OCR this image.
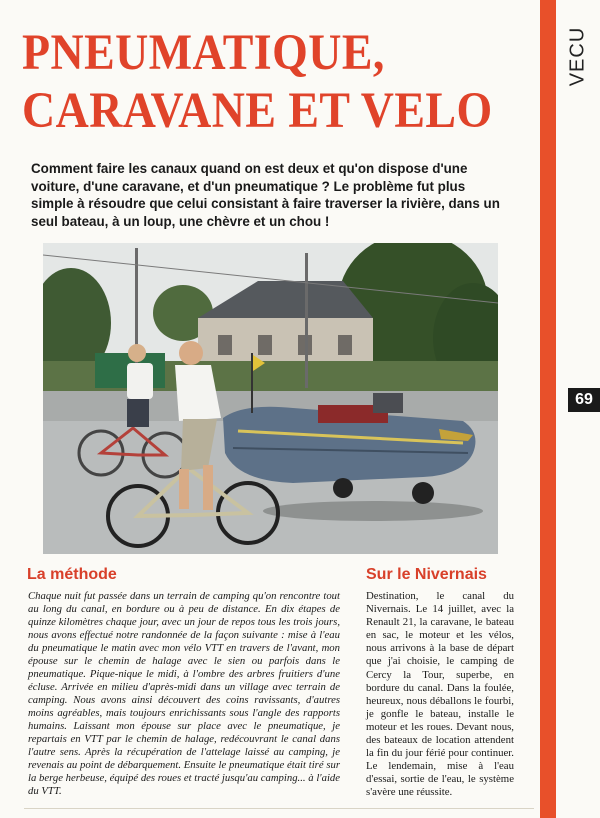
VECU
69
PNEUMATIQUE,
CARAVANE ET VELO

Comment faire les canaux quand on est deux et qu'on dispose d'une voiture, d'une caravane, et d'un pneumatique ? Le problème fut plus simple à résoudre que celui consistant à faire traverser la rivière, dans un seul bateau, à un loup, une chèvre et un chou !

La méthode	Sur le Nivernais

Chaque nuit fut passée dans un terrain de camping qu'on rencontre tout au long du canal, en bordure ou à peu de distance. En dix étapes de quinze kilomètres chaque jour, avec un jour de repos tous les trois jours, nous avons effectué notre randonnée de la façon suivante : mise à l'eau du pneumatique le matin avec mon vélo VTT en travers de l'avant, mon épouse sur le chemin de halage avec le sien ou parfois dans le pneumatique. Pique-nique le midi, à l'ombre des arbres fruitiers d'une écluse. Arrivée en milieu d'après-midi dans un village avec terrain de camping. Nous avons ainsi découvert des coins ravissants, d'autres moins agréables, mais toujours enrichissants sous l'angle des rapports humains. Laissant mon épouse sur place avec le pneumatique, je repartais en VTT par le chemin de halage, redécouvrant le canal dans l'autre sens. Après la récupération de l'attelage laissé au camping, je revenais au point de débarquement. Ensuite le pneumatique était tiré sur la berge herbeuse, équipé des roues et tracté jusqu'au camping... à l'aide du VTT.

Destination, le canal du Nivernais. Le 14 juillet, avec la Renault 21, la caravane, le bateau en sac, le moteur et les vélos, nous arrivons à la base de départ que j'ai choisie, le camping de Cercy la Tour, superbe, en bordure du canal. Dans la foulée, heureux, nous déballons le fourbi, je gonfle le bateau, installe le moteur et les roues. Devant nous, des bateaux de location attendent la fin du jour férié pour continuer. Le lendemain, mise à l'eau d'essai, sortie de l'eau, le système s'avère une réussite.
